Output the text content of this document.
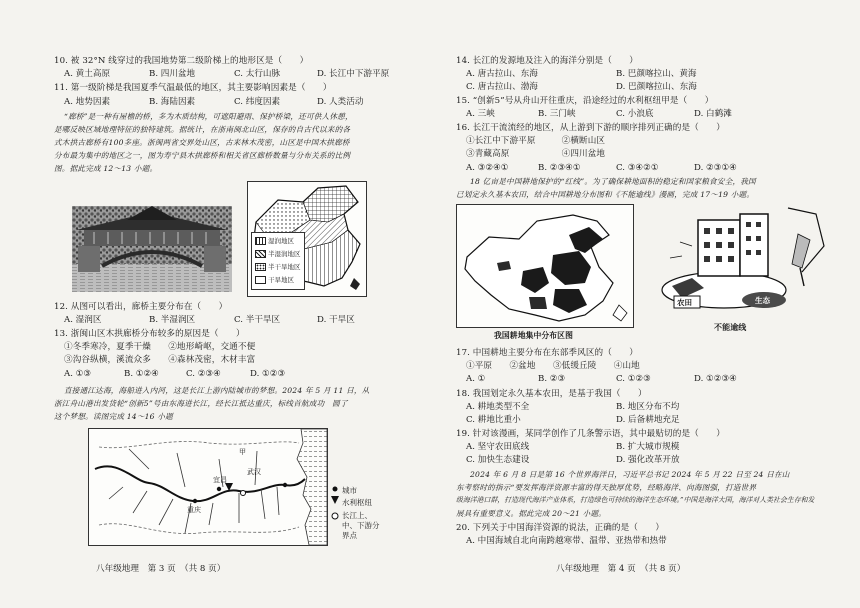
10. 被 32°N 线穿过的我国地势第二级阶梯上的地形区是（　　）
A. 黄土高原	B. 四川盆地	C. 太行山脉	D. 长江中下游平原
11. 第一级阶梯是我国夏季气温最低的地区，其主要影响因素是（　　）
A. 地势因素	B. 海陆因素	C. 纬度因素	D. 人类活动
“廊桥”是一种有屋檐的桥，多为木质结构，可遮阳避雨、保护桥梁，还可供人休憩，
是哪反映区域地理特征的独特建筑。据统计，在浙南闽北山区，保存的自古代以来的各
式木拱古廊桥有100多座。浙闽两省交界处山区，古来林木茂密，山区是中国木拱廊桥
分布最为集中的地区之一，图为寿宁县木拱廊桥和相关省区廊桥数量与分布关系的比例
图。据此完成 12～13 小题。
湿润地区
半湿润地区
半干旱地区
干旱地区
12. 从图可以看出，廊桥主要分布在（　　）
A. 湿润区	B. 半湿润区	C. 半干旱区	D. 干旱区
13. 浙闽山区木拱廊桥分布较多的原因是（　　）
①冬季寒冷，夏季干燥　　②地形崎岖，交通不便
③沟谷纵横，溪流众多　　④森林茂密，木材丰富
A. ①③	B. ①②④	C. ②③④	D. ①②③
直接通江达海，海船进入内河，这是长江上游内陆城市的梦想。2024 年 5 月 11 日，从
浙江舟山港出发货轮“创新5”号由东海进长江，经长江抵达重庆，标线首航成功　圆了
这个梦想。读图完成 14～16 小题
甲
武汉
宜昌
重庆
城市
水利枢纽
长江上、中、下游分界点
八年级地理　第 3 页　（共 8 页）
14. 长江的发源地及注入的海洋分别是（　　）
A. 唐古拉山、东海	B. 巴颜喀拉山、黄海
C. 唐古拉山、渤海	D. 巴颜喀拉山、东海
15. “创新5”号从舟山开往重庆，沿途经过的水利枢纽甲是（　　）
A. 三峡	B. 三门峡	C. 小浪底	D. 白鹤滩
16. 长江干流流经的地区，从上游到下游的顺序排列正确的是（　　）
①长江中下游平原　　　②横断山区
③青藏高原　　　　　　④四川盆地
A. ③②④①	B. ②③④①	C. ③④②①	D. ②③①④
18 亿亩是中国耕地保护的“红线”。为了确保耕地面积的稳定和国家粮食安全，我国
已划定永久基本农田，结合中国耕地分布图和《不能逾线》漫画，完成 17～19 小题。
我国耕地集中分布区图
农田	生态
不能逾线
17. 中国耕地主要分布在东部季风区的（　　）
①平原　　②盆地　　③低缓丘陵　　④山地
A. ①	B. ②③	C. ①②③	D. ①②③④
18. 我国划定永久基本农田，是基于我国（　　）
A. 耕地类型不全	B. 地区分布不均
C. 耕地比重小	D. 后备耕地充足
19. 针对该漫画，某同学创作了几条警示语，其中最贴切的是（　　）
A. 坚守农田底线	B. 扩大城市规模
C. 加快生态建设	D. 强化改革开放
2024 年 6 月 8 日是第 16 个世界海洋日，习近平总书记 2024 年 5 月 22 日至 24 日在山
东考察时的指示“要发挥海洋资源丰富的得天独厚优势，经略海洋、向海图强，打造世界
级海洋港口群，打造现代海洋产业体系，打造绿色可持续的海洋生态环境。”中国是海洋大国，海洋对人类社会生存和发
展具有重要意义。据此完成 20～21 小题。
20. 下列关于中国海洋资源的说法，正确的是（　　）
A. 中国海域自北向南跨越寒带、温带、亚热带和热带
八年级地理　第 4 页　（共 8 页）
